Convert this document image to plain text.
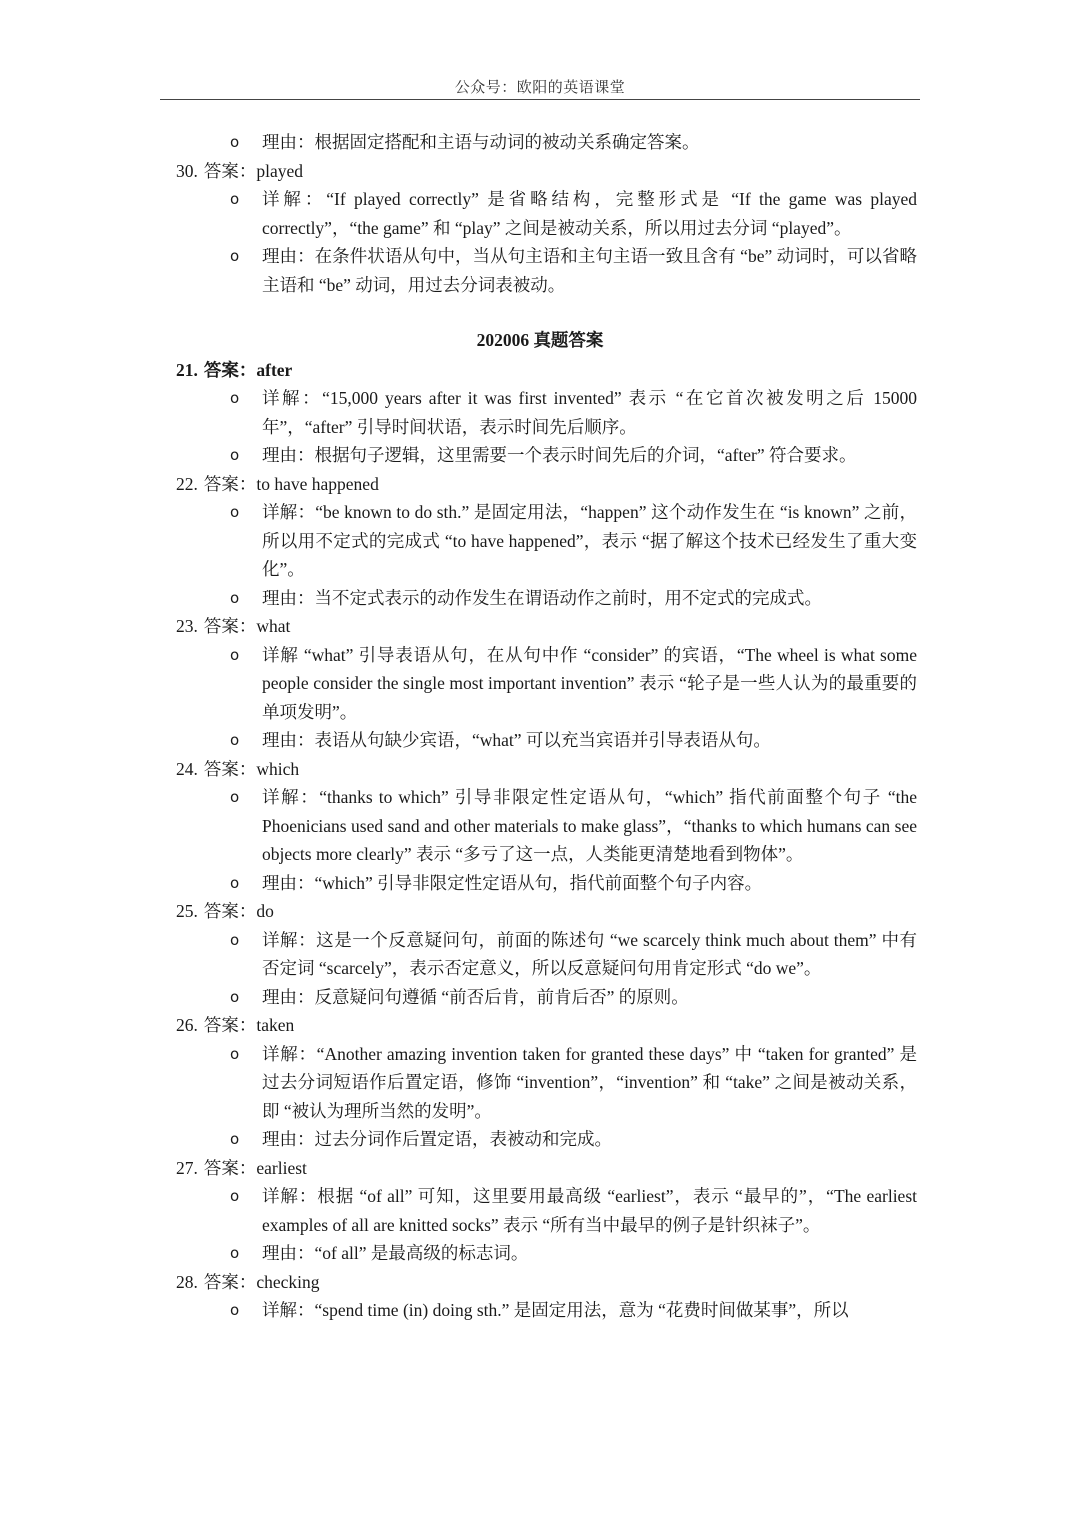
公众号：欧阳的英语课堂
o 理由：根据固定搭配和主语与动词的被动关系确定答案。
30. 答案：played
o 详解：“If played correctly” 是省略结构，完整形式是 “If the game was played correctly”，“the game” 和 “play” 之间是被动关系，所以用过去分词 “played”。
o 理由：在条件状语从句中，当从句主语和主句主语一致且含有 “be” 动词时，可以省略主语和 “be” 动词，用过去分词表被动。
202006 真题答案
21. 答案：after
o 详解：“15,000 years after it was first invented” 表示 “在它首次被发明之后 15000 年”，“after” 引导时间状语，表示时间先后顺序。
o 理由：根据句子逻辑，这里需要一个表示时间先后的介词，“after” 符合要求。
22. 答案：to have happened
o 详解：“be known to do sth.” 是固定用法，“happen” 这个动作发生在 “is known” 之前，所以用不定式的完成式 “to have happened”，表示 “据了解这个技术已经发生了重大变化”。
o 理由：当不定式表示的动作发生在谓语动作之前时，用不定式的完成式。
23. 答案：what
o 详解 “what” 引导表语从句，在从句中作 “consider” 的宾语，“The wheel is what some people consider the single most important invention” 表示 “轮子是一些人认为的最重要的单项发明”。
o 理由：表语从句缺少宾语，“what” 可以充当宾语并引导表语从句。
24. 答案：which
o 详解：“thanks to which” 引导非限定性定语从句，“which” 指代前面整个句子 “the Phoenicians used sand and other materials to make glass”，“thanks to which humans can see objects more clearly” 表示 “多亏了这一点，人类能更清楚地看到物体”。
o 理由：“which” 引导非限定性定语从句，指代前面整个句子内容。
25. 答案：do
o 详解：这是一个反意疑问句，前面的陈述句 “we scarcely think much about them” 中有否定词 “scarcely”，表示否定意义，所以反意疑问句用肯定形式 “do we”。
o 理由：反意疑问句遵循 “前否后肯，前肯后否” 的原则。
26. 答案：taken
o 详解：“Another amazing invention taken for granted these days” 中 “taken for granted” 是过去分词短语作后置定语，修饰 “invention”，“invention” 和 “take” 之间是被动关系，即 “被认为理所当然的发明”。
o 理由：过去分词作后置定语，表被动和完成。
27. 答案：earliest
o 详解：根据 “of all” 可知，这里要用最高级 “earliest”，表示 “最早的”，“The earliest examples of all are knitted socks” 表示 “所有当中最早的例子是针织袜子”。
o 理由：“of all” 是最高级的标志词。
28. 答案：checking
o 详解：“spend time (in) doing sth.” 是固定用法，意为 “花费时间做某事”，所以
